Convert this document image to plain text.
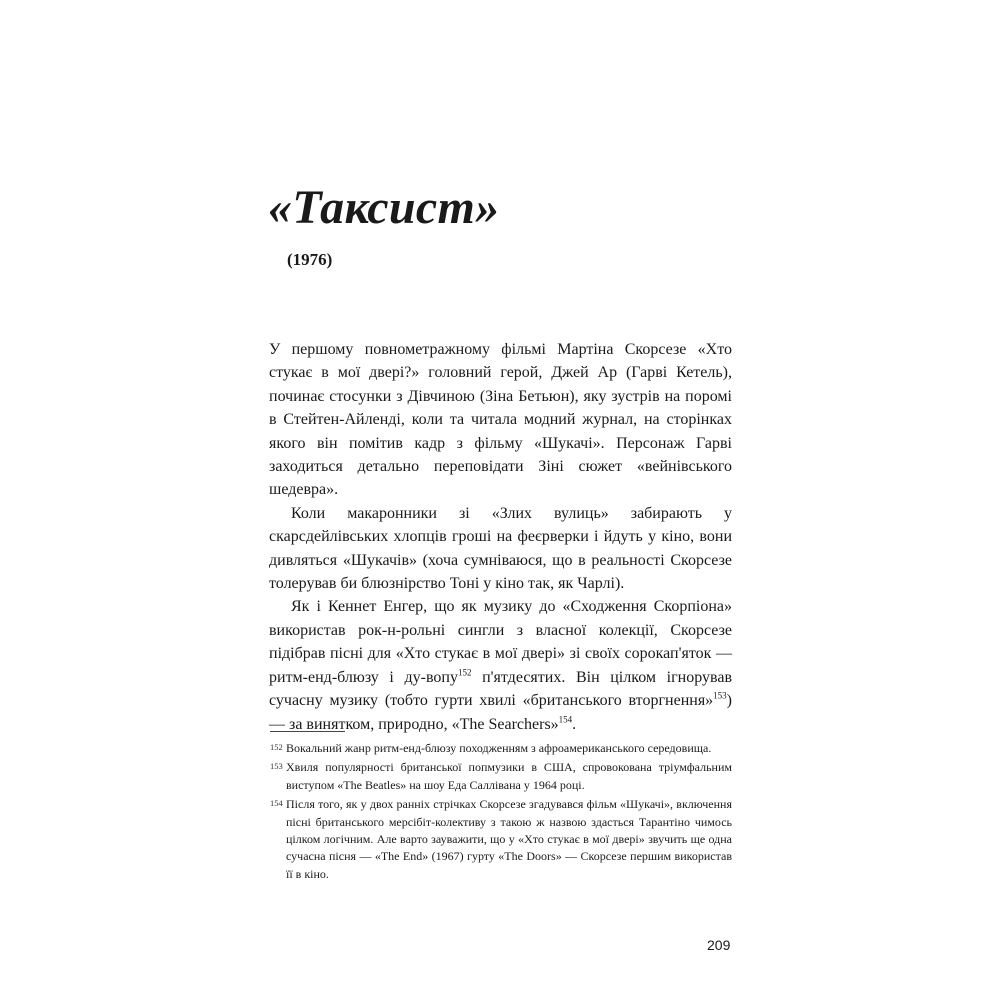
«Таксист»
(1976)

У першому повнометражному фільмі Мартіна Скорсезе «Хто стукає в мої двері?» головний герой, Джей Ар (Гарві Кетель), починає стосунки з Дівчиною (Зіна Бетьюн), яку зустрів на поромі в Стейтен-Айленді, коли та читала модний журнал, на сторінках якого він помітив кадр з фільму «Шукачі». Персонаж Гарві заходиться детально переповідати Зіні сюжет «вейнівського шедевра».

Коли макаронники зі «Злих вулиць» забирають у скарсдейлівських хлопців гроші на феєрверки і йдуть у кіно, вони дивляться «Шукачів» (хоча сумніваюся, що в реальності Скорсезе толерував би блюзнірство Тоні у кіно так, як Чарлі).

Як і Кеннет Енгер, що як музику до «Сходження Скорпіона» використав рок-н-рольні сингли з власної колекції, Скорсезе підібрав пісні для «Хто стукає в мої двері» зі своїх сорокап'яток — ритм-енд-блюзу і ду-вопу$^{152}$ п'ятдесятих. Він цілком ігнорував сучасну музику (тобто гурти хвилі «британського вторгнення»$^{153}$) — за винятком, природно, «The Searchers»$^{154}$.

152 Вокальний жанр ритм-енд-блюзу походженням з афроамериканського середовища.
153 Хвиля популярності британської попмузики в США, спровокована тріумфальним виступом «The Beatles» на шоу Еда Салліванa у 1964 році.
154 Після того, як у двох ранніх стрічках Скорсезе згадувався фільм «Шукачі», включення пісні британського мерсібіт-колективу з такою ж назвою здасться Тарантіно чимось цілком логічним. Але варто зауважити, що у «Хто стукає в мої двері» звучить ще одна сучасна пісня — «The End» (1967) гурту «The Doors» — Скорсезе першим використав її в кіно.
209
